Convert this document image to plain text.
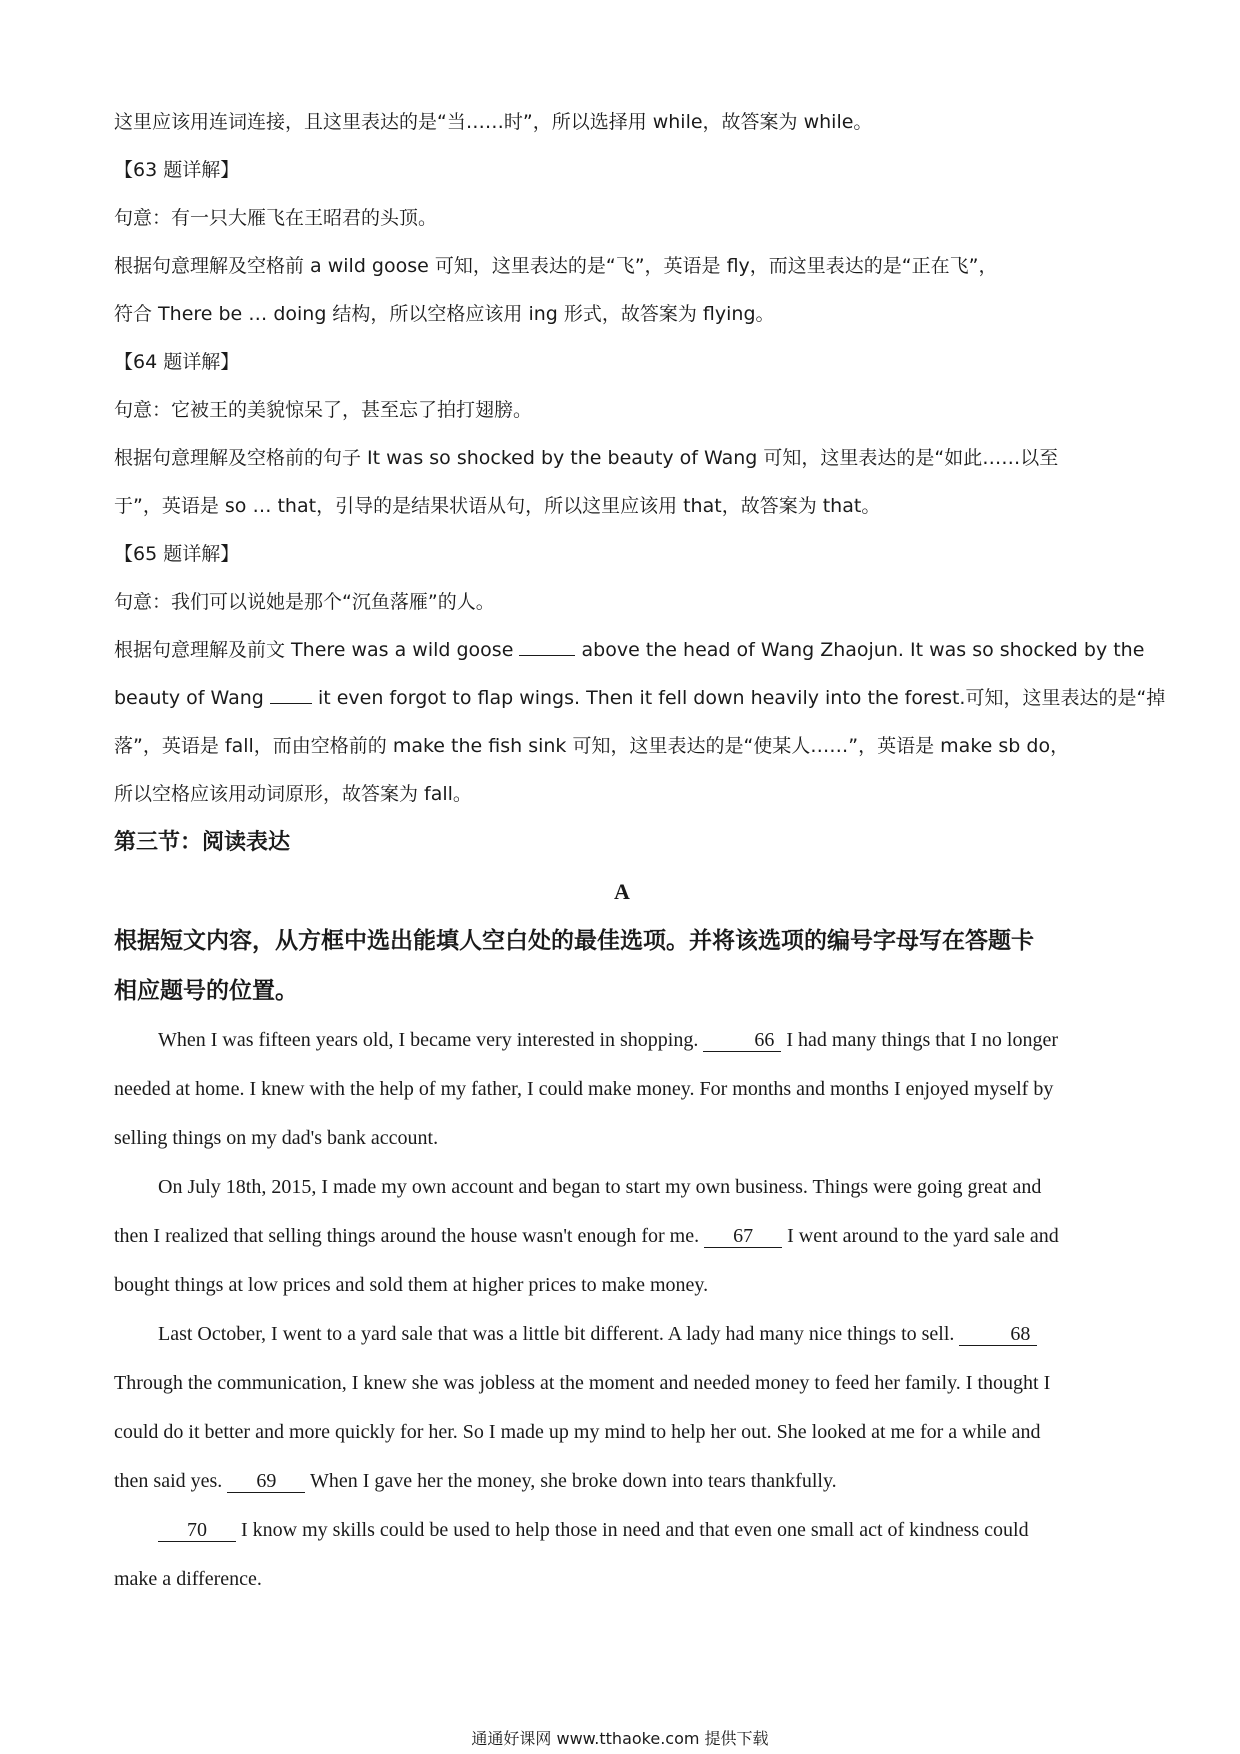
这里应该用连词连接，且这里表达的是“当……时”，所以选择用 while，故答案为 while。

【63 题详解】

句意：有一只大雁飞在王昭君的头顶。

根据句意理解及空格前 a wild goose 可知，这里表达的是“飞”，英语是 fly，而这里表达的是“正在飞”，

符合 There be … doing 结构，所以空格应该用 ing 形式，故答案为 flying。

【64 题详解】

句意：它被王的美貌惊呆了，甚至忘了拍打翅膀。

根据句意理解及空格前的句子 It was so shocked by the beauty of Wang 可知，这里表达的是“如此……以至

于”，英语是 so … that，引导的是结果状语从句，所以这里应该用 that，故答案为 that。

【65 题详解】

句意：我们可以说她是那个“沉鱼落雁”的人。

根据句意理解及前文 There was a wild goose	above the head of Wang Zhaojun. It was so shocked by the

beauty of Wang	it even forgot to flap wings. Then it fell down heavily into the forest.可知，这里表达的是“掉

落”，英语是 fall，而由空格前的 make the fish sink 可知，这里表达的是“使某人……”，英语是 make sb do，

所以空格应该用动词原形，故答案为 fall。

第三节：阅读表达

A

根据短文内容，从方框中选出能填人空白处的最佳选项。并将该选项的编号字母写在答题卡

相应题号的位置。

When I was fifteen years old, I became very interested in shopping.	66 I had many things that I no longer

needed at home. I knew with the help of my father, I could make money. For months and months I enjoyed myself by

selling things on my dad's bank account.

On July 18th, 2015, I made my own account and began to start my own business. Things were going great and

then I realized that selling things around the house wasn't enough for me. 67 I went around to the yard sale and

bought things at low prices and sold them at higher prices to make money.

Last October, I went to a yard sale that was a little bit different. A lady had many nice things to sell.	68

Through the communication, I knew she was jobless at the moment and needed money to feed her family. I thought I

could do it better and more quickly for her. So I made up my mind to help her out. She looked at me for a while and

then said yes. 69 When I gave her the money, she broke down into tears thankfully.

70 I know my skills could be used to help those in need and that even one small act of kindness could

make a difference.

通通好课网 www.tthaoke.com 提供下载
